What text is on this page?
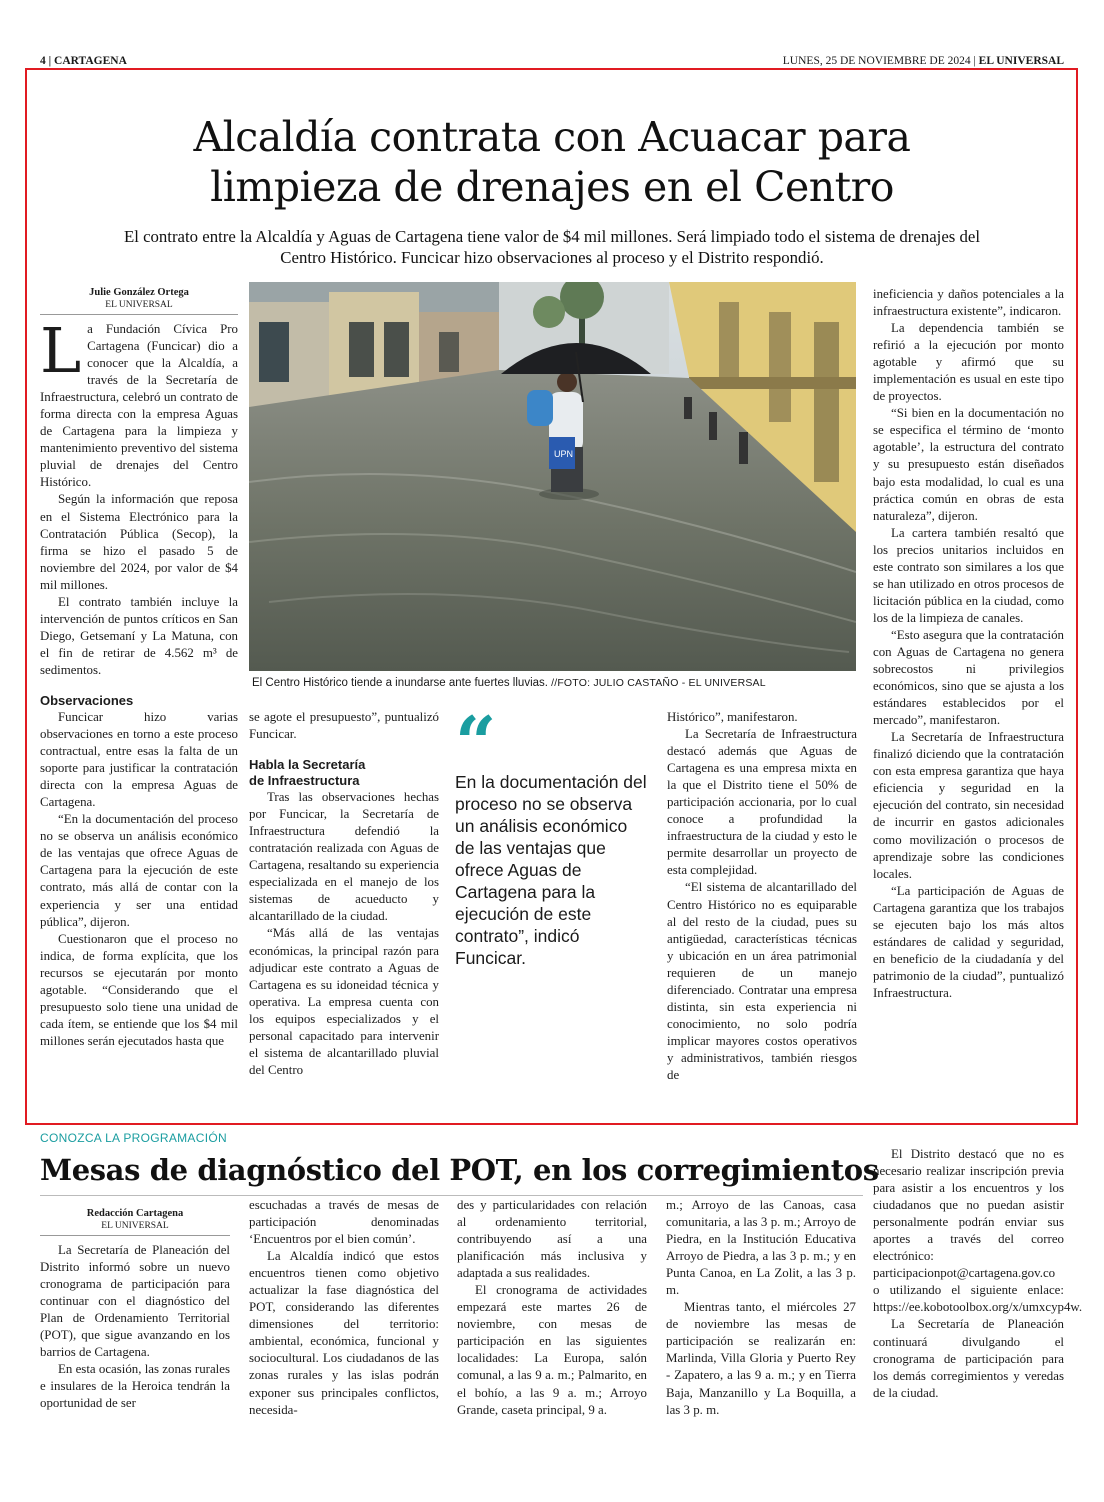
4 | CARTAGENA	LUNES, 25 DE NOVIEMBRE DE 2024 | EL UNIVERSAL
Alcaldía contrata con Acuacar para
limpieza de drenajes en el Centro
El contrato entre la Alcaldía y Aguas de Cartagena tiene valor de $4 mil millones. Será limpiado todo el sistema de drenajes del Centro Histórico. Funcicar hizo observaciones al proceso y el Distrito respondió.
Julie González Ortega
EL UNIVERSAL

La Fundación Cívica Pro Cartagena (Funcicar) dio a conocer que la Alcaldía, a través de la Secretaría de Infraestructura, celebró un contrato de forma directa con la empresa Aguas de Cartagena para la limpieza y mantenimiento preventivo del sistema pluvial de drenajes del Centro Histórico.

Según la información que reposa en el Sistema Electrónico para la Contratación Pública (Secop), la firma se hizo el pasado 5 de noviembre del 2024, por valor de $4 mil millones.

El contrato también incluye la intervención de puntos críticos en San Diego, Getsemaní y La Matuna, con el fin de retirar de 4.562 m³ de sedimentos.

Observaciones

Funcicar hizo varias observaciones en torno a este proceso contractual, entre esas la falta de un soporte para justificar la contratación directa con la empresa Aguas de Cartagena.

“En la documentación del proceso no se observa un análisis económico de las ventajas que ofrece Aguas de Cartagena para la ejecución de este contrato, más allá de contar con la experiencia y ser una entidad pública”, dijeron.

Cuestionaron que el proceso no indica, de forma explícita, que los recursos se ejecutarán por monto agotable. “Considerando que el presupuesto solo tiene una unidad de cada ítem, se entiende que los $4 mil millones serán ejecutados hasta que

UPN
El Centro Histórico tiende a inundarse ante fuertes lluvias. //FOTO: JULIO CASTAÑO - EL UNIVERSAL

se agote el presupuesto”, puntualizó Funcicar.

Habla la Secretaría
de Infraestructura

Tras las observaciones hechas por Funcicar, la Secretaría de Infraestructura defendió la contratación realizada con Aguas de Cartagena, resaltando su experiencia especializada en el manejo de los sistemas de acueducto y alcantarillado de la ciudad.

“Más allá de las ventajas económicas, la principal razón para adjudicar este contrato a Aguas de Cartagena es su idoneidad técnica y operativa. La empresa cuenta con los equipos especializados y el personal capacitado para intervenir el sistema de alcantarillado pluvial del Centro

“
En la documentación del proceso no se observa un análisis económico de las ventajas que ofrece Aguas de Cartagena para la ejecución de este contrato”, indicó Funcicar.

Histórico”, manifestaron.

La Secretaría de Infraestructura destacó además que Aguas de Cartagena es una empresa mixta en la que el Distrito tiene el 50% de participación accionaria, por lo cual conoce a profundidad la infraestructura de la ciudad y esto le permite desarrollar un proyecto de esta complejidad.

“El sistema de alcantarillado del Centro Histórico no es equiparable al del resto de la ciudad, pues su antigüedad, características técnicas y ubicación en un área patrimonial requieren de un manejo diferenciado. Contratar una empresa distinta, sin esta experiencia ni conocimiento, no solo podría implicar mayores costos operativos y administrativos, también riesgos de

ineficiencia y daños potenciales a la infraestructura existente”, indicaron.

La dependencia también se refirió a la ejecución por monto agotable y afirmó que su implementación es usual en este tipo de proyectos.

“Si bien en la documentación no se especifica el término de ‘monto agotable’, la estructura del contrato y su presupuesto están diseñados bajo esta modalidad, lo cual es una práctica común en obras de esta naturaleza”, dijeron.

La cartera también resaltó que los precios unitarios incluidos en este contrato son similares a los que se han utilizado en otros procesos de licitación pública en la ciudad, como los de la limpieza de canales.

“Esto asegura que la contratación con Aguas de Cartagena no genera sobrecostos ni privilegios económicos, sino que se ajusta a los estándares establecidos por el mercado”, manifestaron.

La Secretaría de Infraestructura finalizó diciendo que la contratación con esta empresa garantiza que haya eficiencia y seguridad en la ejecución del contrato, sin necesidad de incurrir en gastos adicionales como movilización o procesos de aprendizaje sobre las condiciones locales.

“La participación de Aguas de Cartagena garantiza que los trabajos se ejecuten bajo los más altos estándares de calidad y seguridad, en beneficio de la ciudadanía y del patrimonio de la ciudad”, puntualizó Infraestructura.

CONOZCA LA PROGRAMACIÓN
Mesas de diagnóstico del POT, en los corregimientos
Redacción Cartagena
EL UNIVERSAL

La Secretaría de Planeación del Distrito informó sobre un nuevo cronograma de participación para continuar con el diagnóstico del Plan de Ordenamiento Territorial (POT), que sigue avanzando en los barrios de Cartagena.

En esta ocasión, las zonas rurales e insulares de la Heroica tendrán la oportunidad de ser

escuchadas a través de mesas de participación denominadas ‘Encuentros por el bien común’.

La Alcaldía indicó que estos encuentros tienen como objetivo actualizar la fase diagnóstica del POT, considerando las diferentes dimensiones del territorio: ambiental, económica, funcional y sociocultural. Los ciudadanos de las zonas rurales y las islas podrán exponer sus principales conflictos, necesida-

des y particularidades con relación al ordenamiento territorial, contribuyendo así a una planificación más inclusiva y adaptada a sus realidades.

El cronograma de actividades empezará este martes 26 de noviembre, con mesas de participación en las siguientes localidades: La Europa, salón comunal, a las 9 a. m.; Palmarito, en el bohío, a las 9 a. m.; Arroyo Grande, caseta principal, 9 a.

m.; Arroyo de las Canoas, casa comunitaria, a las 3 p. m.; Arroyo de Piedra, en la Institución Educativa Arroyo de Piedra, a las 3 p. m.; y en Punta Canoa, en La Zolit, a las 3 p. m.

Mientras tanto, el miércoles 27 de noviembre las mesas de participación se realizarán en: Marlinda, Villa Gloria y Puerto Rey - Zapatero, a las 9 a. m.; y en Tierra Baja, Manzanillo y La Boquilla, a las 3 p. m.

El Distrito destacó que no es necesario realizar inscripción previa para asistir a los encuentros y los ciudadanos que no puedan asistir personalmente podrán enviar sus aportes a través del correo electrónico: participacionpot@cartagena.gov.co o utilizando el siguiente enlace: https://ee.kobotoolbox.org/x/umxcyp4w.

La Secretaría de Planeación continuará divulgando el cronograma de participación para los demás corregimientos y veredas de la ciudad.
